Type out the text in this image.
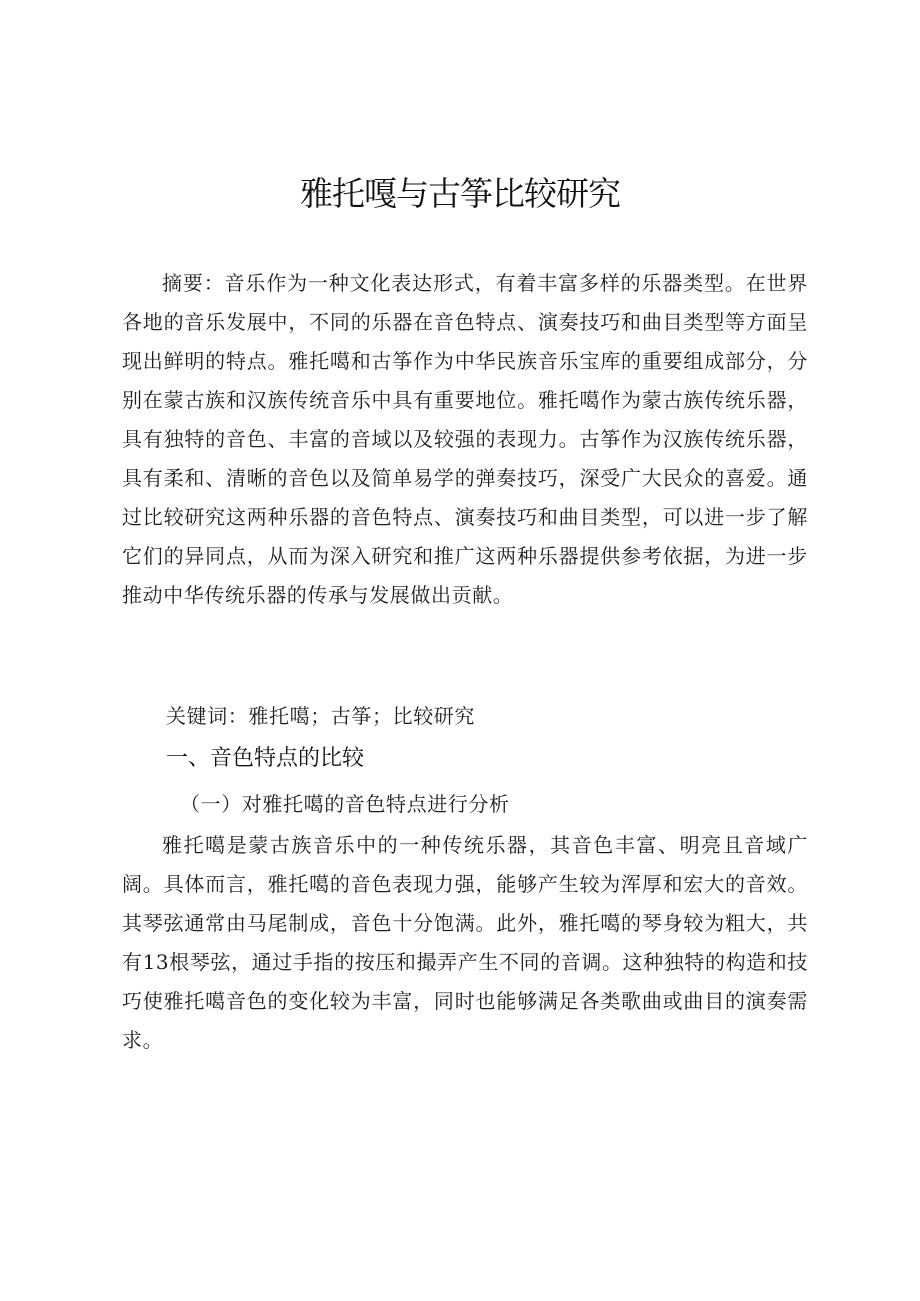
雅托嘎与古筝比较研究

摘要：音乐作为一种文化表达形式，有着丰富多样的乐器类型。在世界各地的音乐发展中，不同的乐器在音色特点、演奏技巧和曲目类型等方面呈现出鲜明的特点。雅托噶和古筝作为中华民族音乐宝库的重要组成部分，分别在蒙古族和汉族传统音乐中具有重要地位。雅托噶作为蒙古族传统乐器，具有独特的音色、丰富的音域以及较强的表现力。古筝作为汉族传统乐器，具有柔和、清晰的音色以及简单易学的弹奏技巧，深受广大民众的喜爱。通过比较研究这两种乐器的音色特点、演奏技巧和曲目类型，可以进一步了解它们的异同点，从而为深入研究和推广这两种乐器提供参考依据，为进一步推动中华传统乐器的传承与发展做出贡献。

关键词：雅托噶；古筝；比较研究
一、音色特点的比较
（一）对雅托噶的音色特点进行分析

雅托噶是蒙古族音乐中的一种传统乐器，其音色丰富、明亮且音域广阔。具体而言，雅托噶的音色表现力强，能够产生较为浑厚和宏大的音效。其琴弦通常由马尾制成，音色十分饱满。此外，雅托噶的琴身较为粗大，共有13根琴弦，通过手指的按压和撮弄产生不同的音调。这种独特的构造和技巧使雅托噶音色的变化较为丰富，同时也能够满足各类歌曲或曲目的演奏需求。
